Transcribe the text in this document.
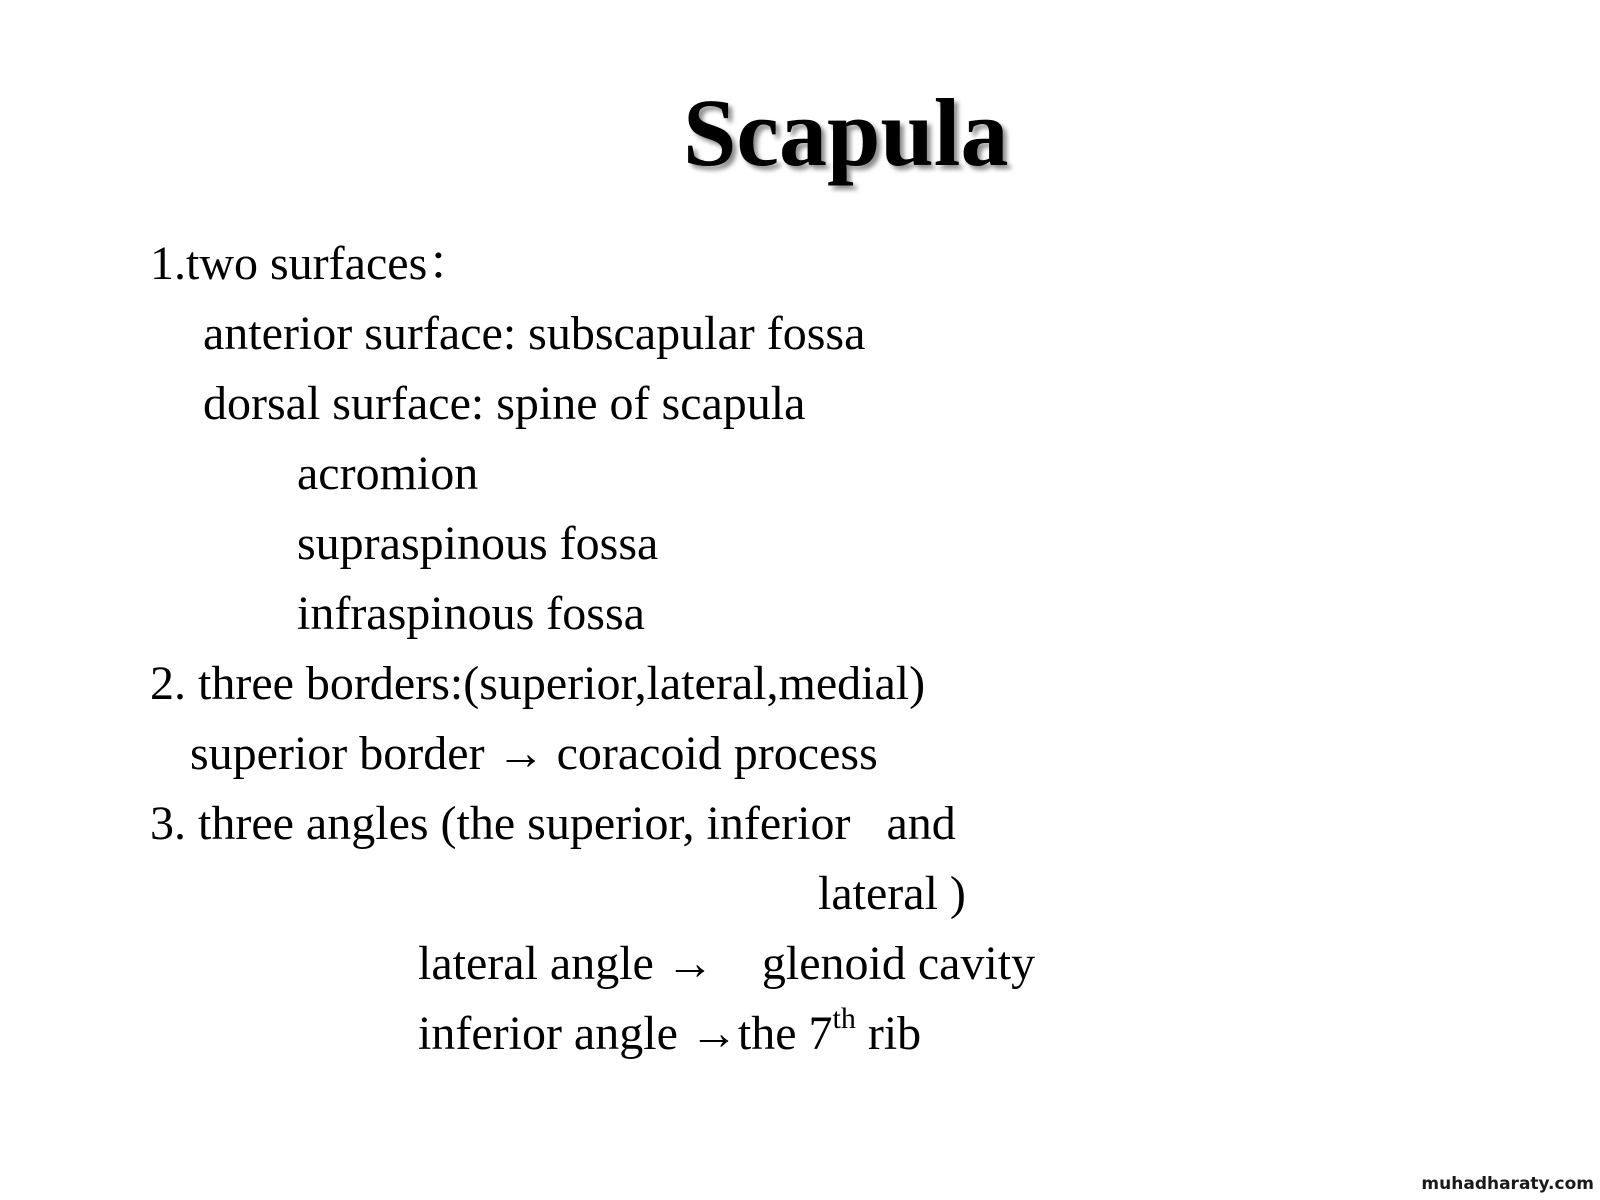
Scapula
1.two surfaces：
anterior surface: subscapular fossa
dorsal surface: spine of scapula
acromion
supraspinous fossa
infraspinous fossa
2. three borders:(superior,lateral,medial)
superior border → coracoid process
3. three angles (the superior, inferior   and
lateral )
lateral angle →    glenoid cavity
inferior angle →the 7th rib
muhadharaty.com
